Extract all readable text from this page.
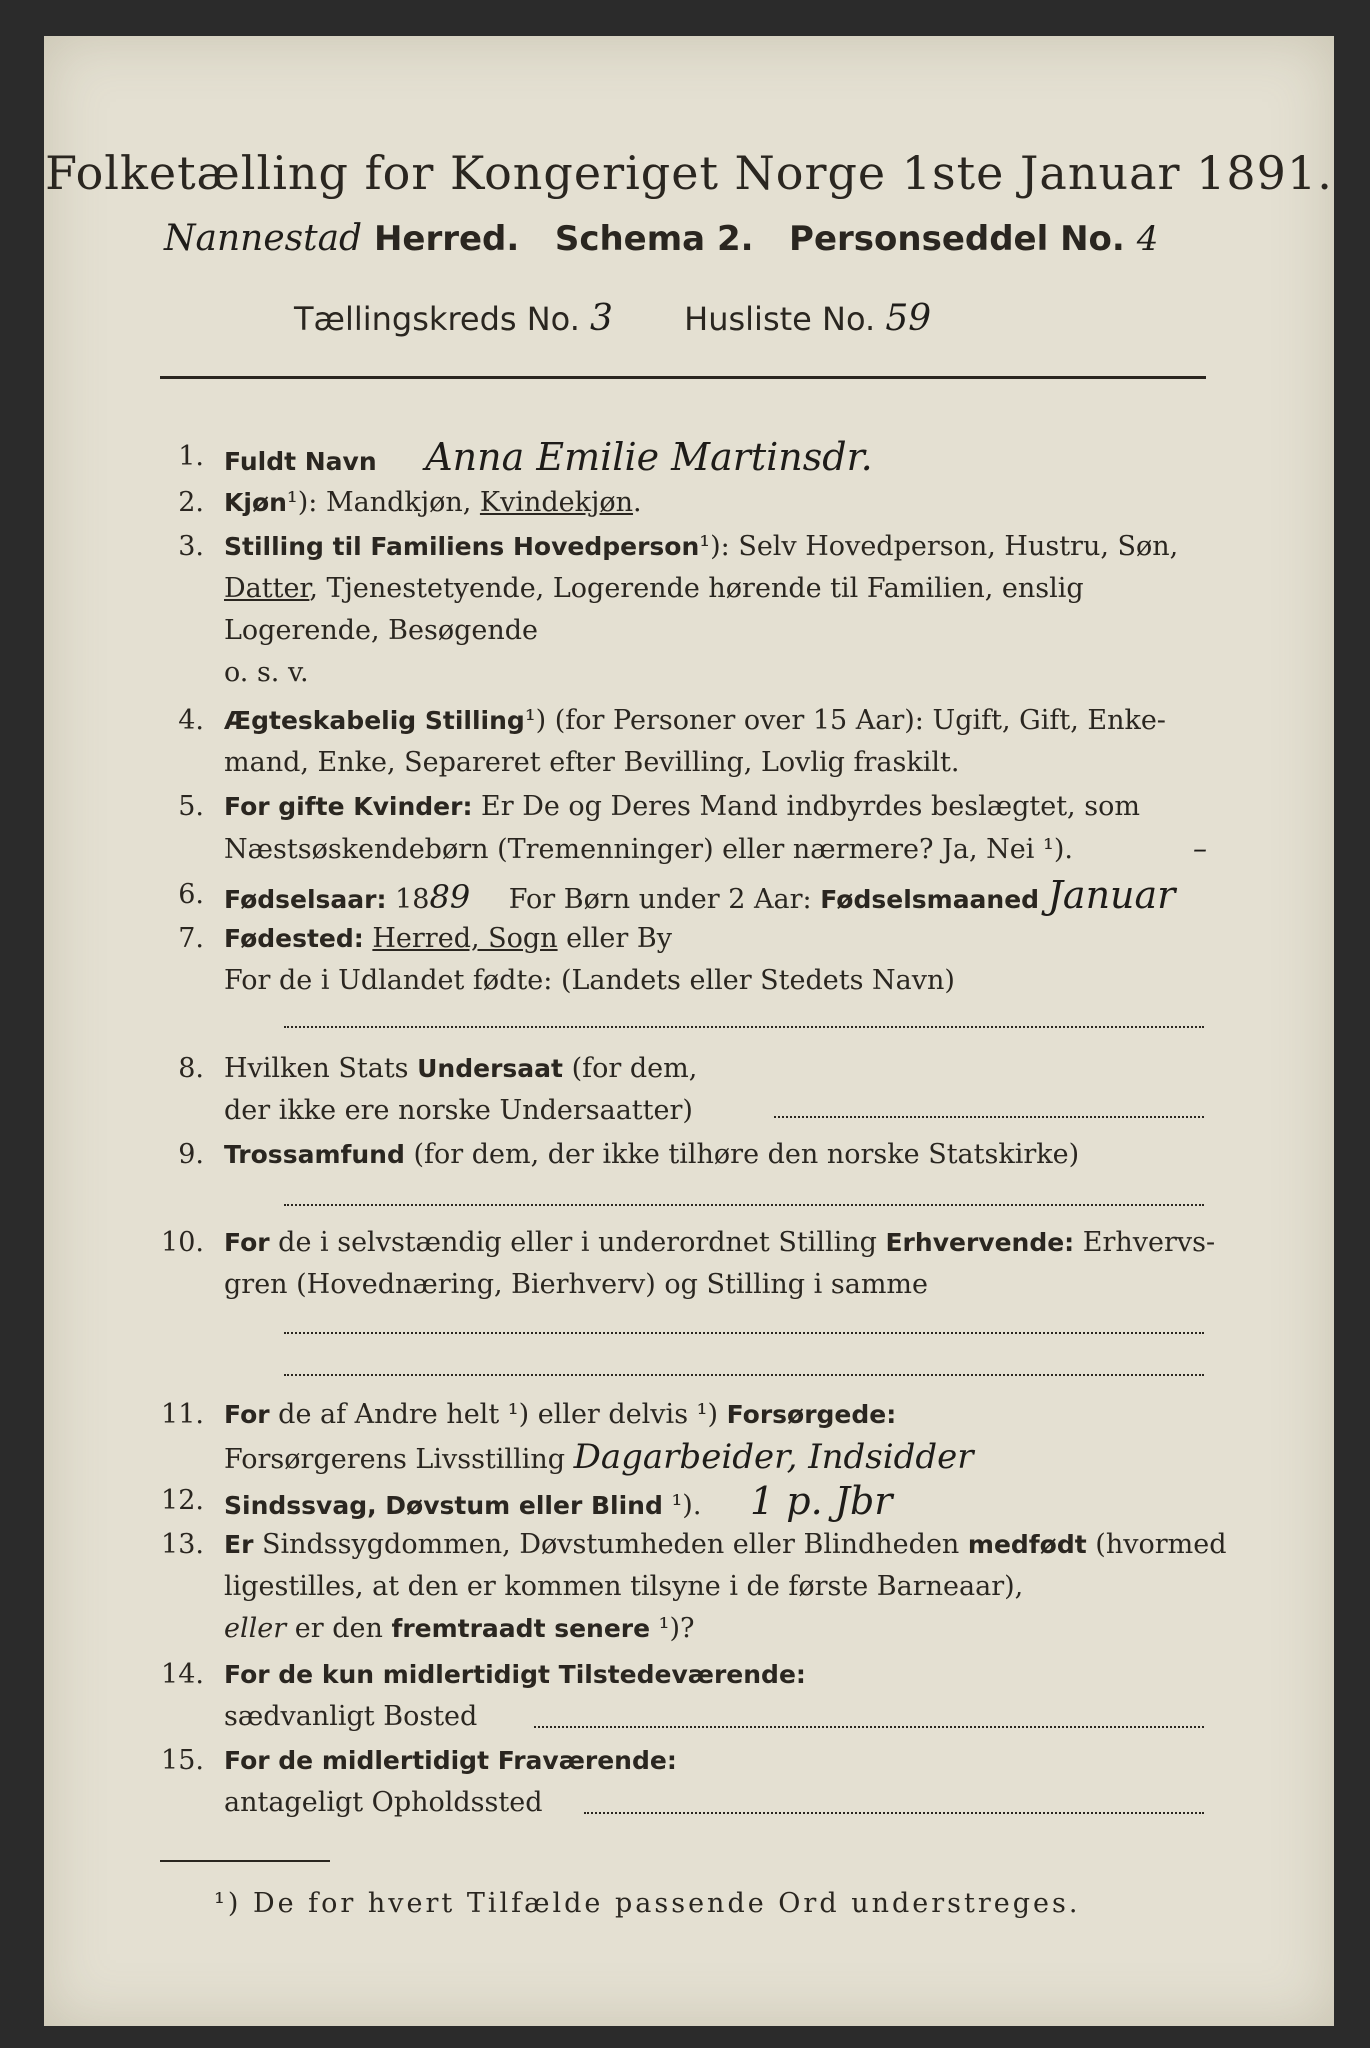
Folketælling for Kongeriget Norge 1ste Januar 1891.
Nannestad Herred. Schema 2. Personseddel No. 4
Tællingskreds No. 3 Husliste No. 59
1. Fuldt Navn Anna Emilie Martinsdr.
2. Kjøn¹): Mandkjøn, Kvindekjøn.
3. Stilling til Familiens Hovedperson¹): Selv Hovedperson, Hustru, Søn,
Datter, Tjenestetyende, Logerende hørende til Familien, enslig
Logerende, Besøgende
o. s. v.
4. Ægteskabelig Stilling¹) (for Personer over 15 Aar): Ugift, Gift, Enke-
mand, Enke, Separeret efter Bevilling, Lovlig fraskilt.
5. For gifte Kvinder: Er De og Deres Mand indbyrdes beslægtet, som
Næstsøskendebørn (Tremenninger) eller nærmere? Ja, Nei ¹).	–
6. Fødselsaar: 1889 For Børn under 2 Aar: Fødselsmaaned Januar
7. Fødested: Herred, Sogn eller By
For de i Udlandet fødte: (Landets eller Stedets Navn)
8. Hvilken Stats Undersaat (for dem,
der ikke ere norske Undersaatter)
9. Trossamfund (for dem, der ikke tilhøre den norske Statskirke)
10. For de i selvstændig eller i underordnet Stilling Erhvervende: Erhvervs-
gren (Hovednæring, Bierhverv) og Stilling i samme
11. For de af Andre helt ¹) eller delvis ¹) Forsørgede:
Forsørgerens Livsstilling Dagarbeider, Indsidder
12. Sindssvag, Døvstum eller Blind ¹). 1 p. Jbr
13. Er Sindssygdommen, Døvstumheden eller Blindheden medfødt (hvormed
ligestilles, at den er kommen tilsyne i de første Barneaar),
eller er den fremtraadt senere ¹)?
14. For de kun midlertidigt Tilstedeværende:
sædvanligt Bosted
15. For de midlertidigt Fraværende:
antageligt Opholdssted
¹) De for hvert Tilfælde passende Ord understreges.
